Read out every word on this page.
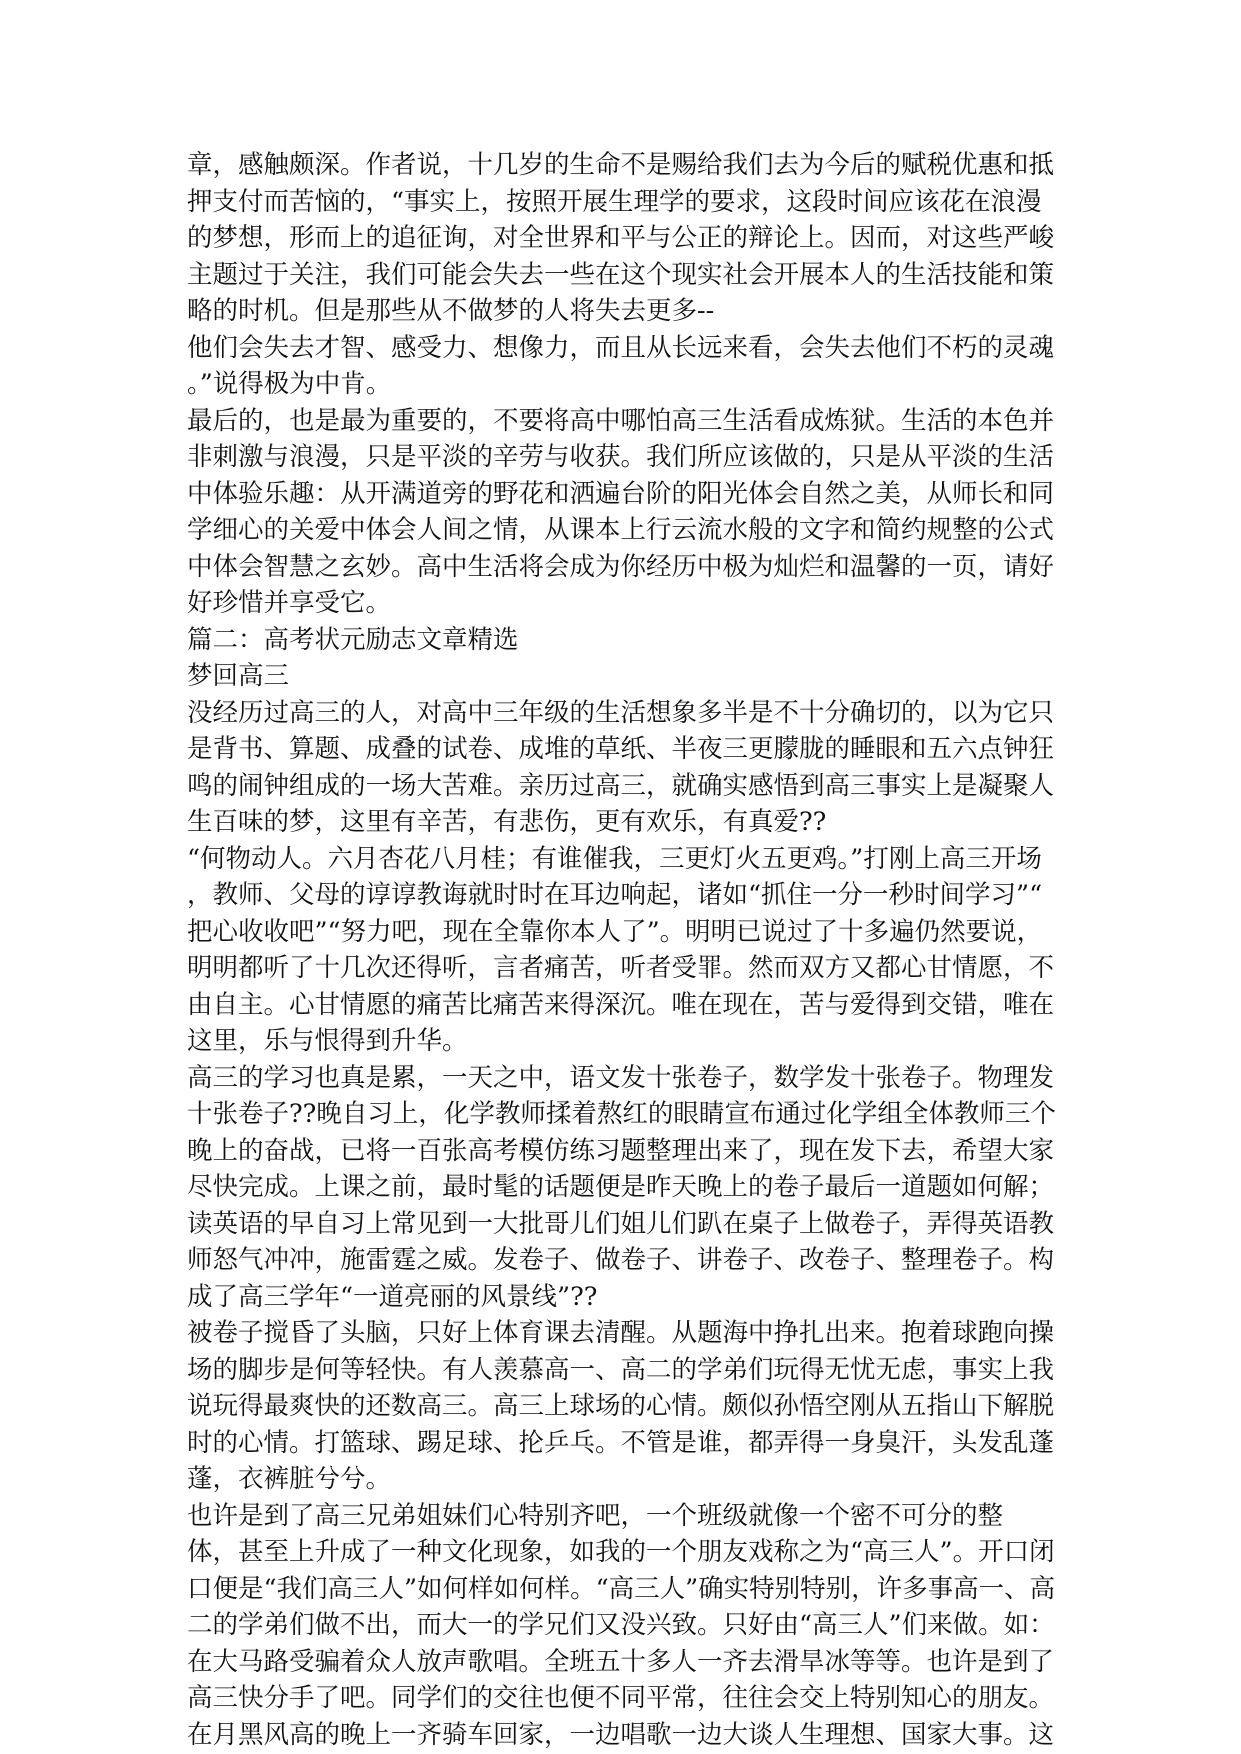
章，感触颇深。作者说，十几岁的生命不是赐给我们去为今后的赋税优惠和抵
押支付而苦恼的，“事实上，按照开展生理学的要求，这段时间应该花在浪漫
的梦想，形而上的追征询，对全世界和平与公正的辩论上。因而，对这些严峻
主题过于关注，我们可能会失去一些在这个现实社会开展本人的生活技能和策
略的时机。但是那些从不做梦的人将失去更多--
他们会失去才智、感受力、想像力，而且从长远来看，会失去他们不朽的灵魂
。”说得极为中肯。
最后的，也是最为重要的，不要将高中哪怕高三生活看成炼狱。生活的本色并
非刺激与浪漫，只是平淡的辛劳与收获。我们所应该做的，只是从平淡的生活
中体验乐趣：从开满道旁的野花和洒遍台阶的阳光体会自然之美，从师长和同
学细心的关爱中体会人间之情，从课本上行云流水般的文字和简约规整的公式
中体会智慧之玄妙。高中生活将会成为你经历中极为灿烂和温馨的一页，请好
好珍惜并享受它。
篇二：高考状元励志文章精选
梦回高三
没经历过高三的人，对高中三年级的生活想象多半是不十分确切的，以为它只
是背书、算题、成叠的试卷、成堆的草纸、半夜三更朦胧的睡眼和五六点钟狂
鸣的闹钟组成的一场大苦难。亲历过高三，就确实感悟到高三事实上是凝聚人
生百味的梦，这里有辛苦，有悲伤，更有欢乐，有真爱??
“何物动人。六月杏花八月桂；有谁催我，三更灯火五更鸡。”打刚上高三开场
，教师、父母的谆谆教诲就时时在耳边响起，诸如“抓住一分一秒时间学习”“
把心收收吧”“努力吧，现在全靠你本人了”。明明已说过了十多遍仍然要说，
明明都听了十几次还得听，言者痛苦，听者受罪。然而双方又都心甘情愿，不
由自主。心甘情愿的痛苦比痛苦来得深沉。唯在现在，苦与爱得到交错，唯在
这里，乐与恨得到升华。
高三的学习也真是累，一天之中，语文发十张卷子，数学发十张卷子。物理发
十张卷子??晚自习上，化学教师揉着熬红的眼睛宣布通过化学组全体教师三个
晚上的奋战，已将一百张高考模仿练习题整理出来了，现在发下去，希望大家
尽快完成。上课之前，最时髦的话题便是昨天晚上的卷子最后一道题如何解；
读英语的早自习上常见到一大批哥儿们姐儿们趴在桌子上做卷子，弄得英语教
师怒气冲冲，施雷霆之威。发卷子、做卷子、讲卷子、改卷子、整理卷子。构
成了高三学年“一道亮丽的风景线”??
被卷子搅昏了头脑，只好上体育课去清醒。从题海中挣扎出来。抱着球跑向操
场的脚步是何等轻快。有人羡慕高一、高二的学弟们玩得无忧无虑，事实上我
说玩得最爽快的还数高三。高三上球场的心情。颇似孙悟空刚从五指山下解脱
时的心情。打篮球、踢足球、抡乒乓。不管是谁，都弄得一身臭汗，头发乱蓬
蓬，衣裤脏兮兮。
也许是到了高三兄弟姐妹们心特别齐吧，一个班级就像一个密不可分的整
体，甚至上升成了一种文化现象，如我的一个朋友戏称之为“高三人”。开口闭
口便是“我们高三人”如何样如何样。“高三人”确实特别特别，许多事高一、高
二的学弟们做不出，而大一的学兄们又没兴致。只好由“高三人”们来做。如：
在大马路受骗着众人放声歌唱。全班五十多人一齐去滑旱冰等等。也许是到了
高三快分手了吧。同学们的交往也便不同平常，往往会交上特别知心的朋友。
在月黑风高的晚上一齐骑车回家，一边唱歌一边大谈人生理想、国家大事。这
